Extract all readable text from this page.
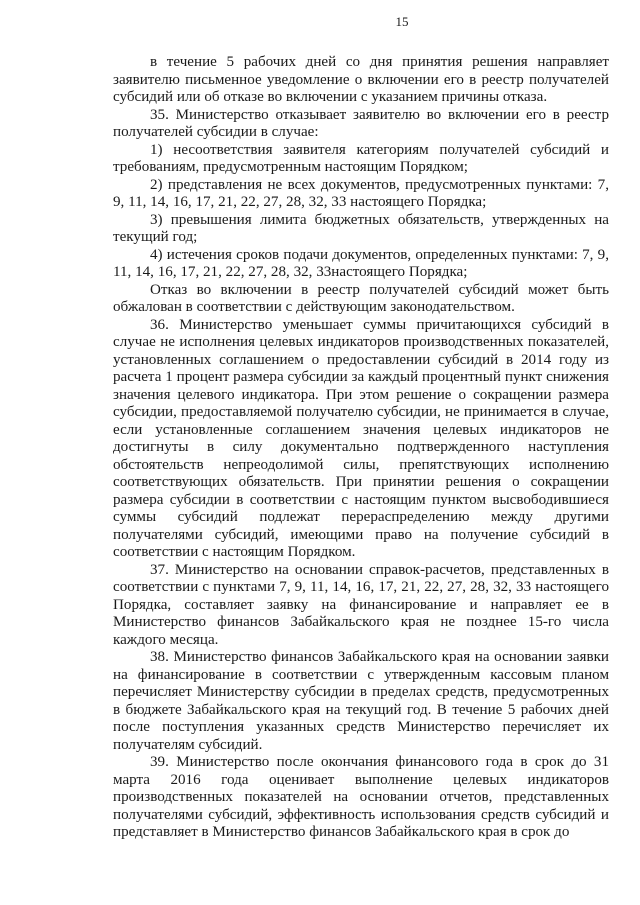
15

в течение 5 рабочих дней со дня принятия решения направляет заявителю письменное уведомление о включении его в реестр получателей субсидий или об отказе во включении с указанием причины отказа.

35. Министерство отказывает заявителю во включении его в реестр получателей субсидии в случае:

1) несоответствия заявителя категориям получателей субсидий и требованиям, предусмотренным настоящим Порядком;

2) представления не всех документов, предусмотренных пунктами: 7, 9, 11, 14, 16, 17, 21, 22, 27, 28, 32, 33 настоящего Порядка;

3) превышения лимита бюджетных обязательств, утвержденных на текущий год;

4) истечения сроков подачи документов, определенных пунктами: 7, 9, 11, 14, 16, 17, 21, 22, 27, 28, 32, 33настоящего Порядка;

Отказ во включении в реестр получателей субсидий может быть обжалован в соответствии с действующим законодательством.

36. Министерство уменьшает суммы причитающихся субсидий в случае не исполнения целевых индикаторов производственных показателей, установленных соглашением о предоставлении субсидий в 2014 году из расчета 1 процент размера субсидии за каждый процентный пункт снижения значения целевого индикатора. При этом решение о сокращении размера субсидии, предоставляемой получателю субсидии, не принимается в случае, если установленные соглашением значения целевых индикаторов не достигнуты в силу документально подтвержденного наступления обстоятельств непреодолимой силы, препятствующих исполнению соответствующих обязательств. При принятии решения о сокращении размера субсидии в соответствии с настоящим пунктом высвободившиеся суммы субсидий подлежат перераспределению между другими получателями субсидий, имеющими право на получение субсидий в соответствии с настоящим Порядком.

37. Министерство на основании справок-расчетов, представленных в соответствии с пунктами 7, 9, 11, 14, 16, 17, 21, 22, 27, 28, 32, 33 настоящего Порядка, составляет заявку на финансирование и направляет ее в Министерство финансов Забайкальского края не позднее 15-го числа каждого месяца.

38. Министерство финансов Забайкальского края на основании заявки на финансирование в соответствии с утвержденным кассовым планом перечисляет Министерству субсидии в пределах средств, предусмотренных в бюджете Забайкальского края на текущий год. В течение 5 рабочих дней после поступления указанных средств Министерство перечисляет их получателям субсидий.

39. Министерство после окончания финансового года в срок до 31 марта 2016 года оценивает выполнение целевых индикаторов производственных показателей на основании отчетов, представленных получателями субсидий, эффективность использования средств субсидий и представляет в Министерство финансов Забайкальского края в срок до
